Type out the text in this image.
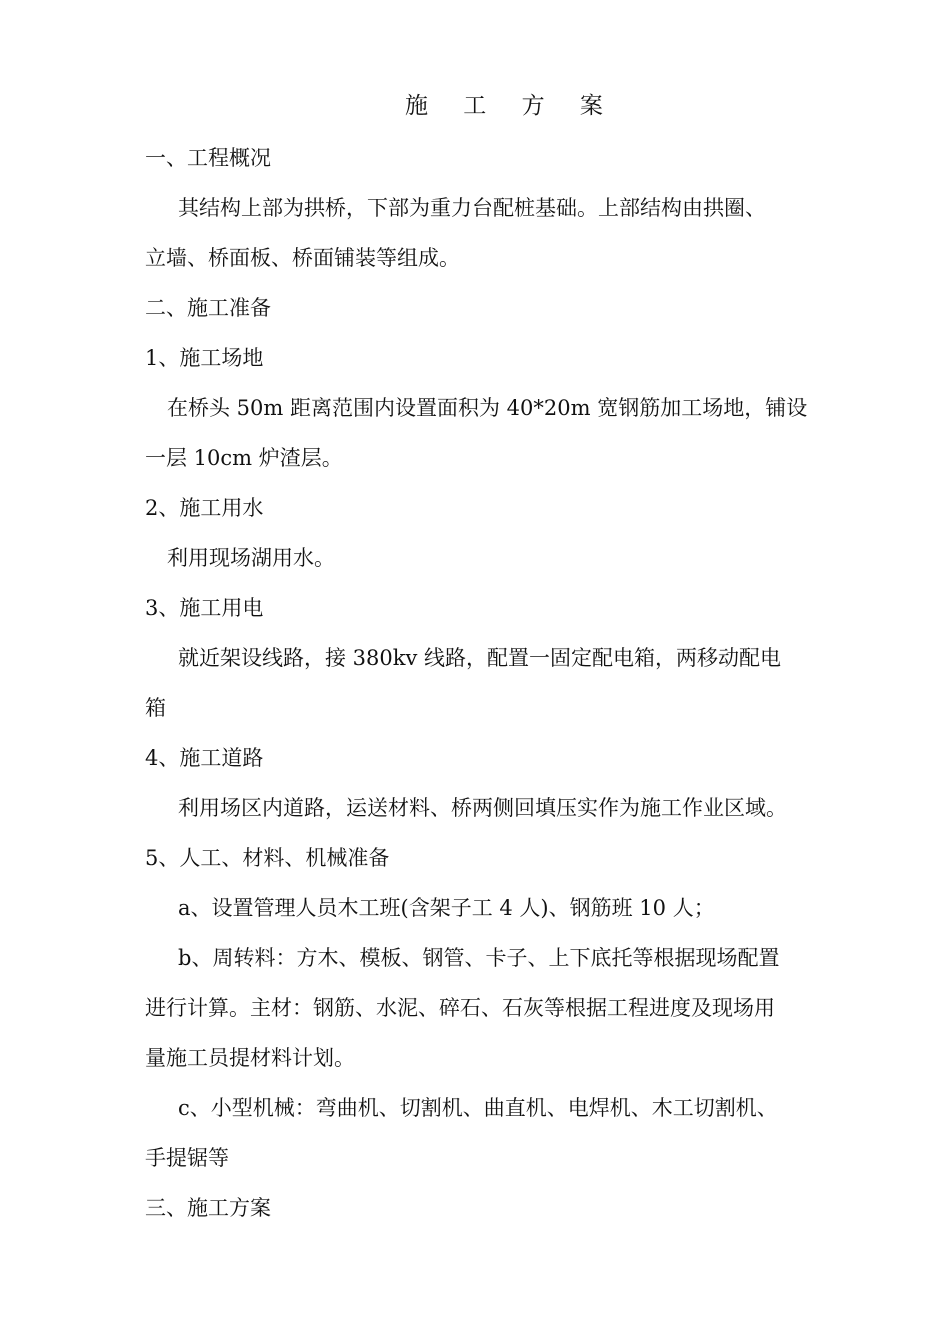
施 工 方 案
一、工程概况
其结构上部为拱桥，下部为重力台配桩基础。上部结构由拱圈、
立墙、桥面板、桥面铺装等组成。
二、施工准备
1、施工场地
在桥头 50m 距离范围内设置面积为 40*20m 宽钢筋加工场地，铺设
一层 10cm 炉渣层。
2、施工用水
利用现场湖用水。
3、施工用电
就近架设线路，接 380kv 线路，配置一固定配电箱，两移动配电
箱
4、施工道路
利用场区内道路，运送材料、桥两侧回填压实作为施工作业区域。
5、人工、材料、机械准备
a、设置管理人员木工班(含架子工 4 人)、钢筋班 10 人；
b、周转料：方木、模板、钢管、卡子、上下底托等根据现场配置
进行计算。主材：钢筋、水泥、碎石、石灰等根据工程进度及现场用
量施工员提材料计划。
c、小型机械：弯曲机、切割机、曲直机、电焊机、木工切割机、
手提锯等
三、施工方案
